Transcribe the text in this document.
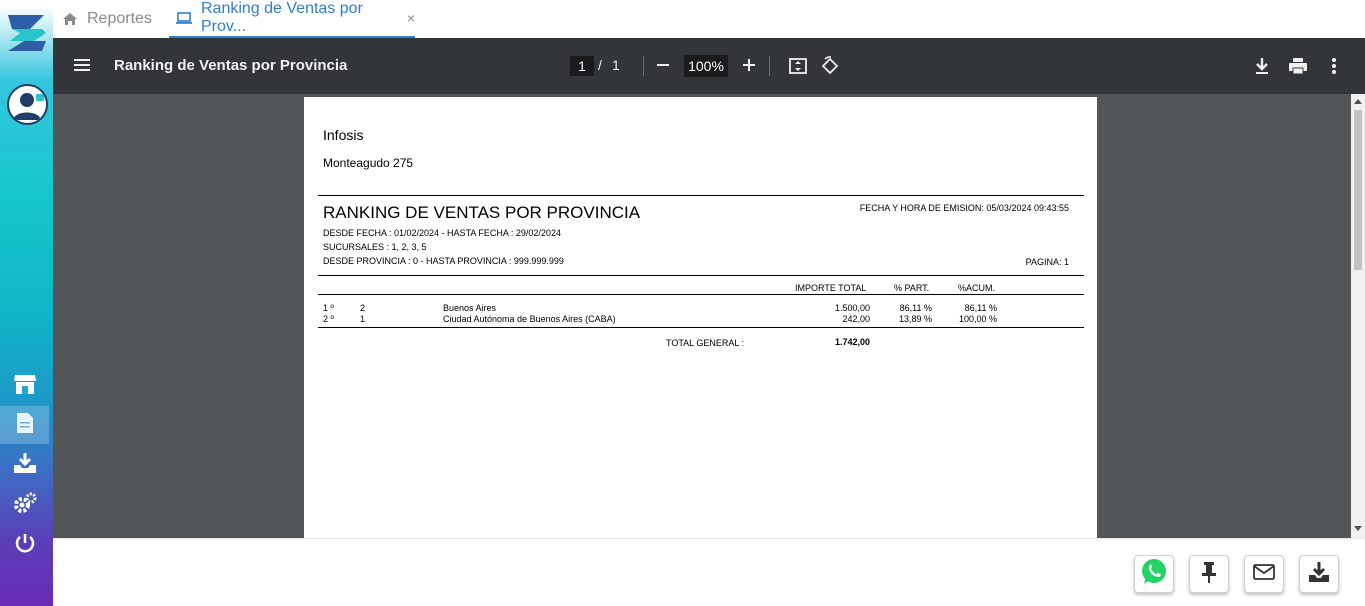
Reportes
Ranking de Ventas por Prov...	×
Ranking de Ventas por Provincia	1 / 1	100%
Infosis
Monteagudo 275
RANKING DE VENTAS POR PROVINCIA	FECHA Y HORA DE EMISION: 05/03/2024 09:43:55
DESDE FECHA : 01/02/2024 - HASTA FECHA : 29/02/2024
SUCURSALES : 1, 2, 3, 5
DESDE PROVINCIA : 0 - HASTA PROVINCIA : 999.999.999	PAGINA: 1
IMPORTE TOTAL	% PART.	%ACUM.
1 º	2	Buenos Aires	1.500,00	86,11 %	86,11 %
2 º	1	Ciudad Autónoma de Buenos Aires (CABA)	242,00	13,89 %	100,00 %
TOTAL GENERAL :	1.742,00
